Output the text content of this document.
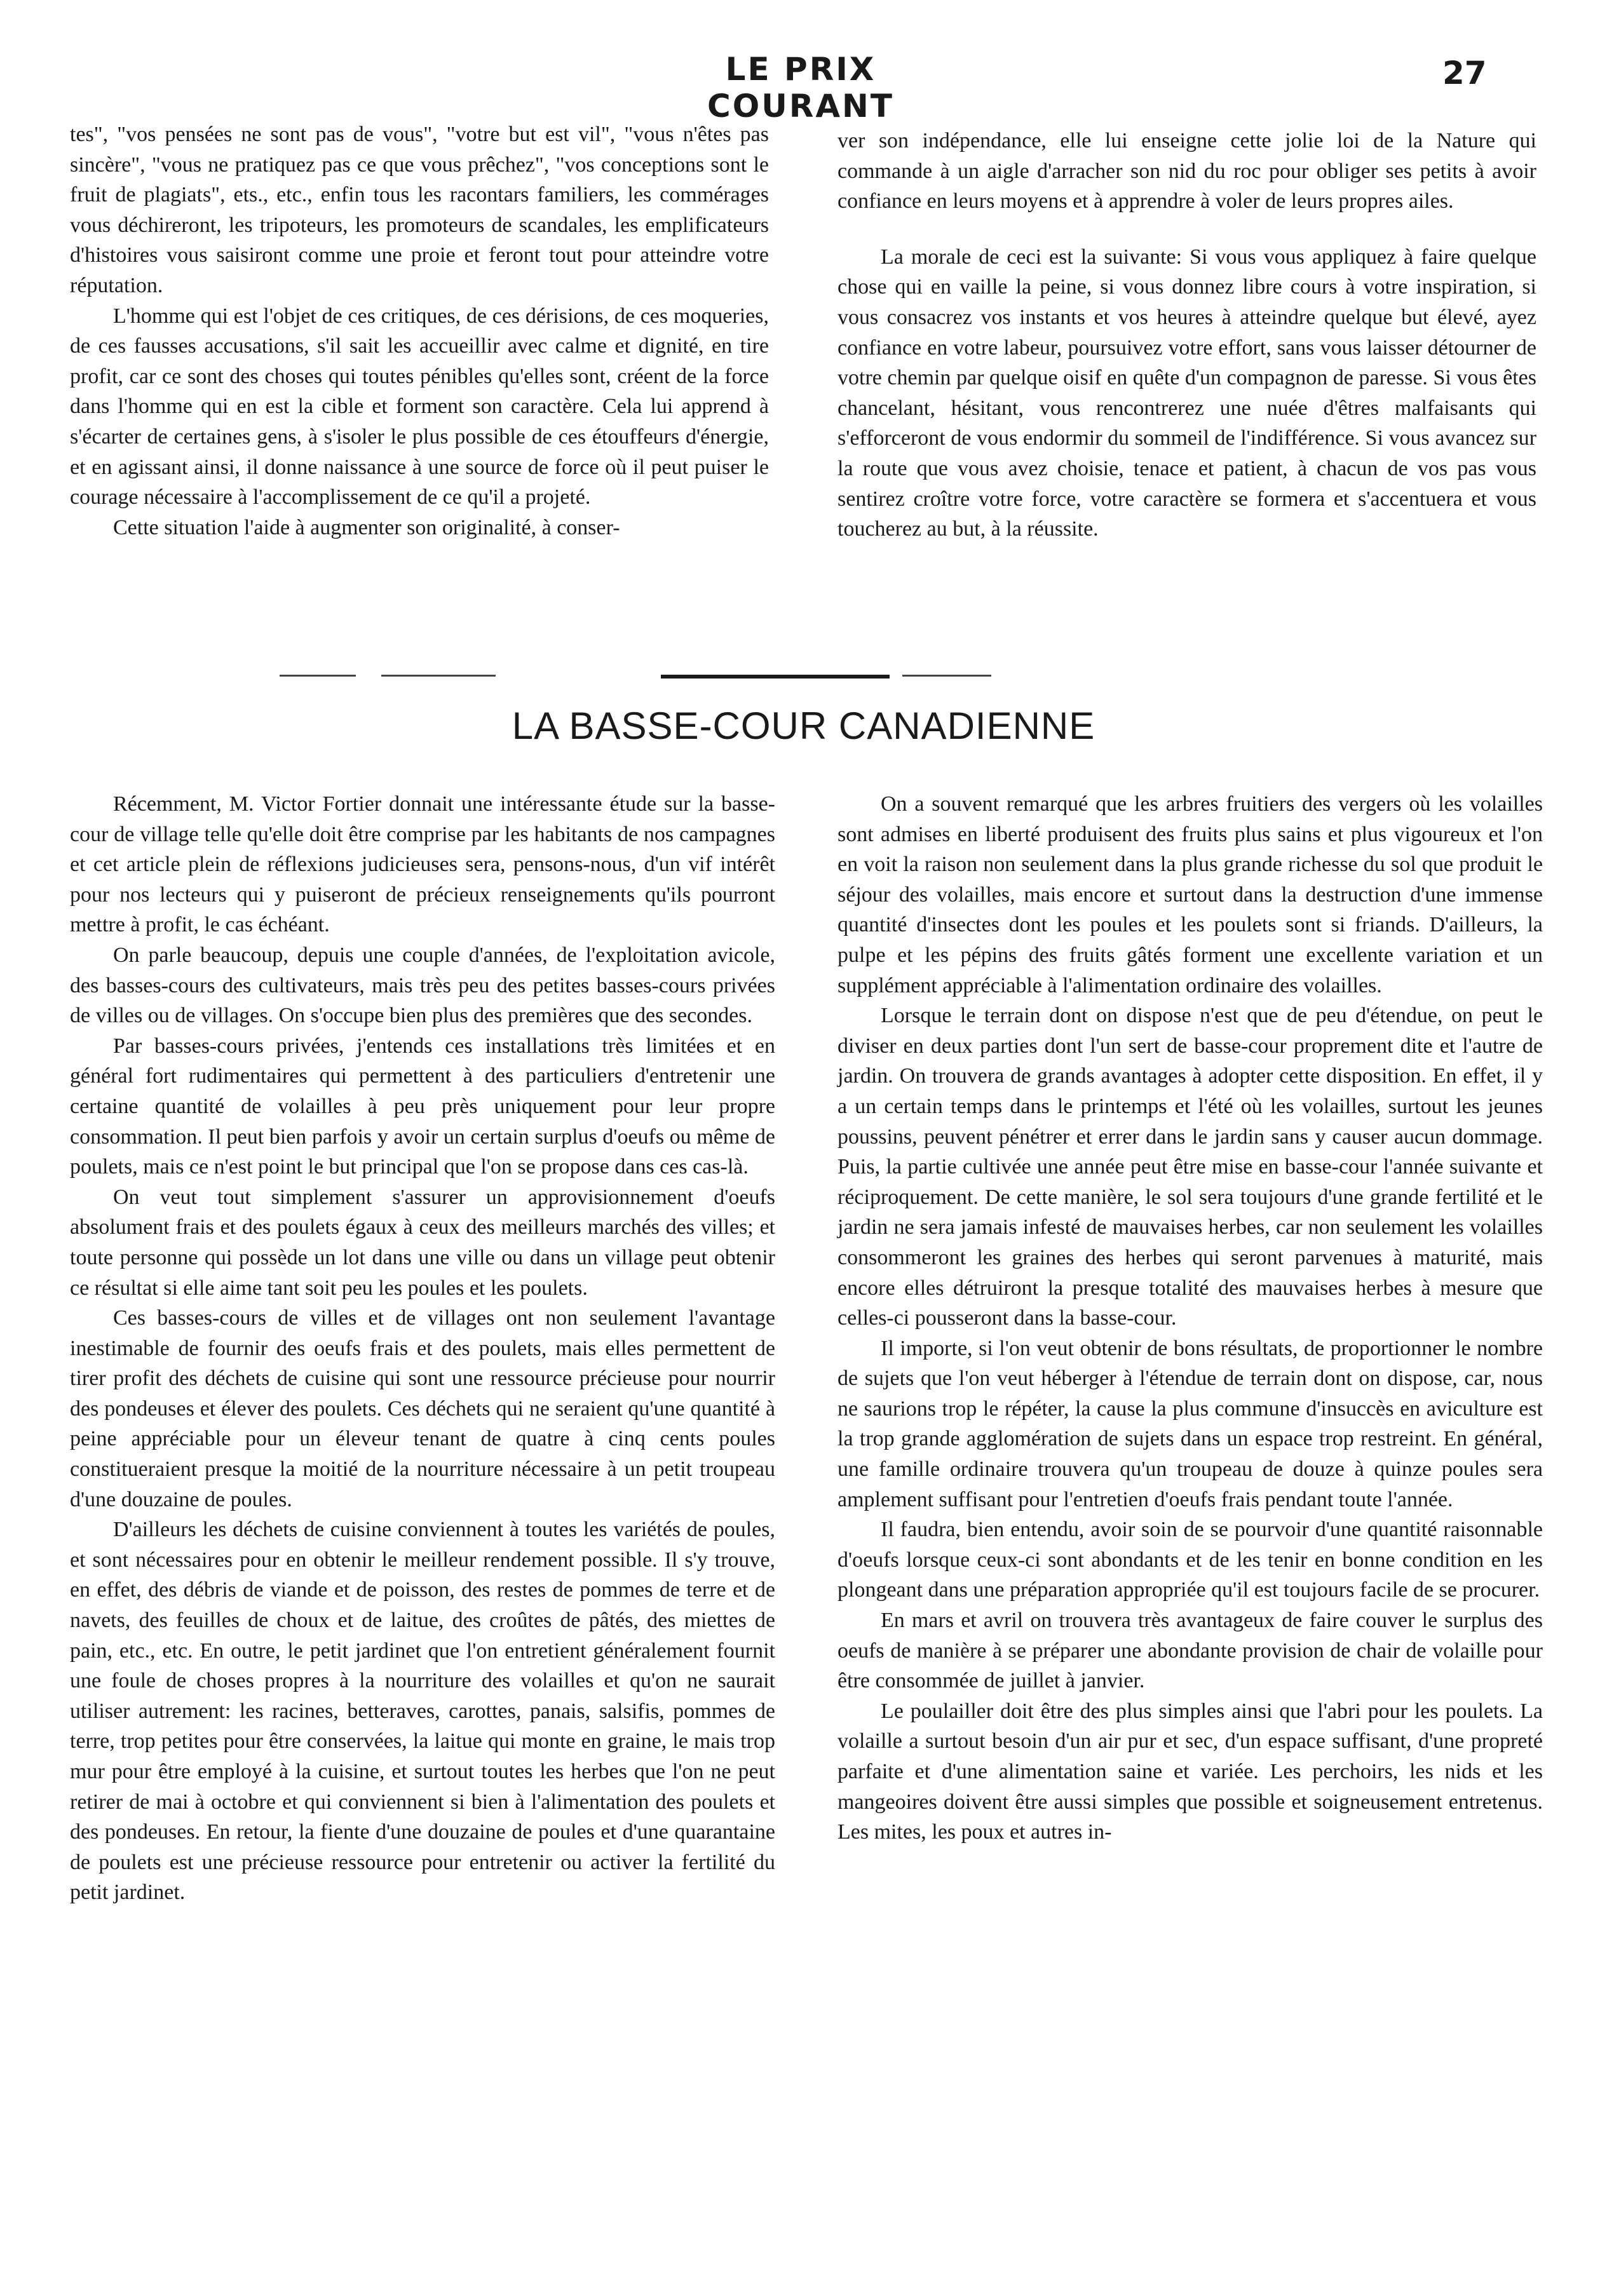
LE PRIX COURANT
27

tes", "vos pensées ne sont pas de vous", "votre but est vil", "vous n'êtes pas sincère", "vous ne pratiquez pas ce que vous prêchez", "vos conceptions sont le fruit de plagiats", ets., etc., enfin tous les racontars familiers, les commérages vous déchireront, les tripoteurs, les promoteurs de scandales, les emplificateurs d'histoires vous saisiront comme une proie et feront tout pour atteindre votre réputation.

L'homme qui est l'objet de ces critiques, de ces dérisions, de ces moqueries, de ces fausses accusations, s'il sait les accueillir avec calme et dignité, en tire profit, car ce sont des choses qui toutes pénibles qu'elles sont, créent de la force dans l'homme qui en est la cible et forment son caractère. Cela lui apprend à s'écarter de certaines gens, à s'isoler le plus possible de ces étouffeurs d'énergie, et en agissant ainsi, il donne naissance à une source de force où il peut puiser le courage nécessaire à l'accomplissement de ce qu'il a projeté.

Cette situation l'aide à augmenter son originalité, à conser-

ver son indépendance, elle lui enseigne cette jolie loi de la Nature qui commande à un aigle d'arracher son nid du roc pour obliger ses petits à avoir confiance en leurs moyens et à apprendre à voler de leurs propres ailes.

La morale de ceci est la suivante: Si vous vous appliquez à faire quelque chose qui en vaille la peine, si vous donnez libre cours à votre inspiration, si vous consacrez vos instants et vos heures à atteindre quelque but élevé, ayez confiance en votre labeur, poursuivez votre effort, sans vous laisser détourner de votre chemin par quelque oisif en quête d'un compagnon de paresse. Si vous êtes chancelant, hésitant, vous rencontrerez une nuée d'êtres malfaisants qui s'efforceront de vous endormir du sommeil de l'indifférence. Si vous avancez sur la route que vous avez choisie, tenace et patient, à chacun de vos pas vous sentirez croître votre force, votre caractère se formera et s'accentuera et vous toucherez au but, à la réussite.

LA BASSE-COUR CANADIENNE

Récemment, M. Victor Fortier donnait une intéressante étude sur la basse-cour de village telle qu'elle doit être comprise par les habitants de nos campagnes et cet article plein de réflexions judicieuses sera, pensons-nous, d'un vif intérêt pour nos lecteurs qui y puiseront de précieux renseignements qu'ils pourront mettre à profit, le cas échéant.

On parle beaucoup, depuis une couple d'années, de l'exploitation avicole, des basses-cours des cultivateurs, mais très peu des petites basses-cours privées de villes ou de villages. On s'occupe bien plus des premières que des secondes.

Par basses-cours privées, j'entends ces installations très limitées et en général fort rudimentaires qui permettent à des particuliers d'entretenir une certaine quantité de volailles à peu près uniquement pour leur propre consommation. Il peut bien parfois y avoir un certain surplus d'oeufs ou même de poulets, mais ce n'est point le but principal que l'on se propose dans ces cas-là.

On veut tout simplement s'assurer un approvisionnement d'oeufs absolument frais et des poulets égaux à ceux des meilleurs marchés des villes; et toute personne qui possède un lot dans une ville ou dans un village peut obtenir ce résultat si elle aime tant soit peu les poules et les poulets.

Ces basses-cours de villes et de villages ont non seulement l'avantage inestimable de fournir des oeufs frais et des poulets, mais elles permettent de tirer profit des déchets de cuisine qui sont une ressource précieuse pour nourrir des pondeuses et élever des poulets. Ces déchets qui ne seraient qu'une quantité à peine appréciable pour un éleveur tenant de quatre à cinq cents poules constitueraient presque la moitié de la nourriture nécessaire à un petit troupeau d'une douzaine de poules.

D'ailleurs les déchets de cuisine conviennent à toutes les variétés de poules, et sont nécessaires pour en obtenir le meilleur rendement possible. Il s'y trouve, en effet, des débris de viande et de poisson, des restes de pommes de terre et de navets, des feuilles de choux et de laitue, des croûtes de pâtés, des miettes de pain, etc., etc. En outre, le petit jardinet que l'on entretient généralement fournit une foule de choses propres à la nourriture des volailles et qu'on ne saurait utiliser autrement: les racines, betteraves, carottes, panais, salsifis, pommes de terre, trop petites pour être conservées, la laitue qui monte en graine, le mais trop mur pour être employé à la cuisine, et surtout toutes les herbes que l'on ne peut retirer de mai à octobre et qui conviennent si bien à l'alimentation des poulets et des pondeuses. En retour, la fiente d'une douzaine de poules et d'une quarantaine de poulets est une précieuse ressource pour entretenir ou activer la fertilité du petit jardinet.

On a souvent remarqué que les arbres fruitiers des vergers où les volailles sont admises en liberté produisent des fruits plus sains et plus vigoureux et l'on en voit la raison non seulement dans la plus grande richesse du sol que produit le séjour des volailles, mais encore et surtout dans la destruction d'une immense quantité d'insectes dont les poules et les poulets sont si friands. D'ailleurs, la pulpe et les pépins des fruits gâtés forment une excellente variation et un supplément appréciable à l'alimentation ordinaire des volailles.

Lorsque le terrain dont on dispose n'est que de peu d'étendue, on peut le diviser en deux parties dont l'un sert de basse-cour proprement dite et l'autre de jardin. On trouvera de grands avantages à adopter cette disposition. En effet, il y a un certain temps dans le printemps et l'été où les volailles, surtout les jeunes poussins, peuvent pénétrer et errer dans le jardin sans y causer aucun dommage. Puis, la partie cultivée une année peut être mise en basse-cour l'année suivante et réciproquement. De cette manière, le sol sera toujours d'une grande fertilité et le jardin ne sera jamais infesté de mauvaises herbes, car non seulement les volailles consommeront les graines des herbes qui seront parvenues à maturité, mais encore elles détruiront la presque totalité des mauvaises herbes à mesure que celles-ci pousseront dans la basse-cour.

Il importe, si l'on veut obtenir de bons résultats, de proportionner le nombre de sujets que l'on veut héberger à l'étendue de terrain dont on dispose, car, nous ne saurions trop le répéter, la cause la plus commune d'insuccès en aviculture est la trop grande agglomération de sujets dans un espace trop restreint. En général, une famille ordinaire trouvera qu'un troupeau de douze à quinze poules sera amplement suffisant pour l'entretien d'oeufs frais pendant toute l'année.

Il faudra, bien entendu, avoir soin de se pourvoir d'une quantité raisonnable d'oeufs lorsque ceux-ci sont abondants et de les tenir en bonne condition en les plongeant dans une préparation appropriée qu'il est toujours facile de se procurer.

En mars et avril on trouvera très avantageux de faire couver le surplus des oeufs de manière à se préparer une abondante provision de chair de volaille pour être consommée de juillet à janvier.

Le poulailler doit être des plus simples ainsi que l'abri pour les poulets. La volaille a surtout besoin d'un air pur et sec, d'un espace suffisant, d'une propreté parfaite et d'une alimentation saine et variée. Les perchoirs, les nids et les mangeoires doivent être aussi simples que possible et soigneusement entretenus. Les mites, les poux et autres in-
